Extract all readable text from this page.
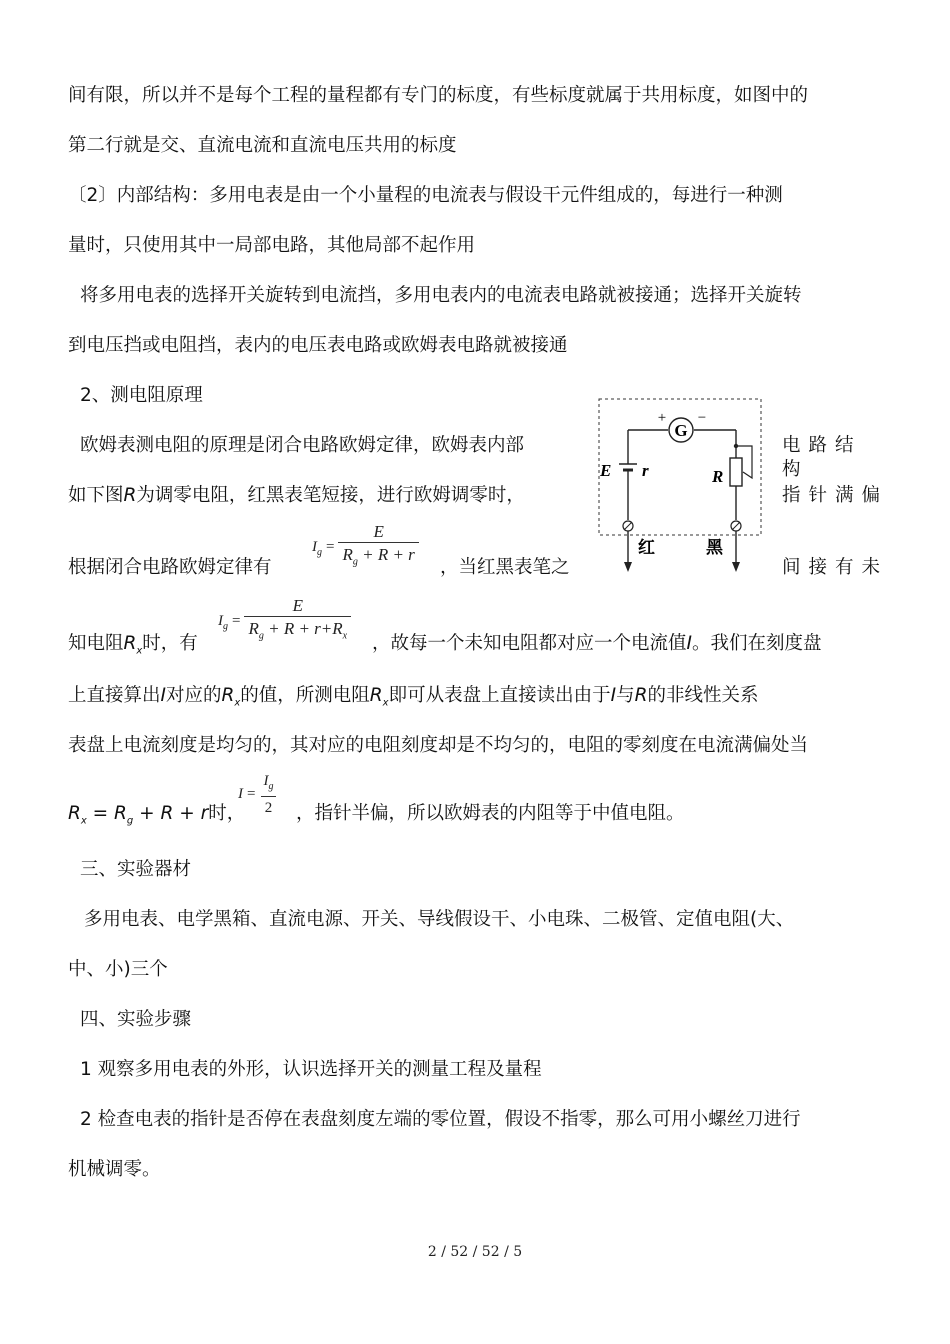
间有限，所以并不是每个工程的量程都有专门的标度，有些标度就属于共用标度，如图中的
第二行就是交、直流电流和直流电压共用的标度
〔2〕内部结构：多用电表是由一个小量程的电流表与假设干元件组成的，每进行一种测
量时，只使用其中一局部电路，其他局部不起作用
将多用电表的选择开关旋转到电流挡，多用电表内的电流表电路就被接通；选择开关旋转
到电压挡或电阻挡，表内的电压表电路或欧姆表电路就被接通
2、测电阻原理
欧姆表测电阻的原理是闭合电路欧姆定律，欧姆表内部	电路结构
如下图R为调零电阻，红黑表笔短接，进行欧姆调零时，	指针满偏
根据闭合电路欧姆定律有
$I_g = \frac{E}{R_g + R + r}$ ，当红黑表笔之	间接有未
知电阻$R_x$时，有
$I_g = \frac{E}{R_g + R + r+R_x}$ ，故每一个未知电阻都对应一个电流值I。我们在刻度盘
上直接算出I对应的$R_x$的值，所测电阻$R_x$即可从表盘上直接读出由于I与R的非线性关系
表盘上电流刻度是均匀的，其对应的电阻刻度却是不均匀的，电阻的零刻度在电流满偏处当
$R_x = R_g + R + r$时，
$I = \frac{I_g}{2}$ ，指针半偏，所以欧姆表的内阻等于中值电阻。
三、实验器材
多用电表、电学黑箱、直流电源、开关、导线假设干、小电珠、二极管、定值电阻(大、
中、小)三个
四、实验步骤
1 观察多用电表的外形，认识选择开关的测量工程及量程
2 检查电表的指针是否停在表盘刻度左端的零位置，假设不指零，那么可用小螺丝刀进行
机械调零。
G
+ −
E r	R
红	黑
2 / 52 / 52 / 5
